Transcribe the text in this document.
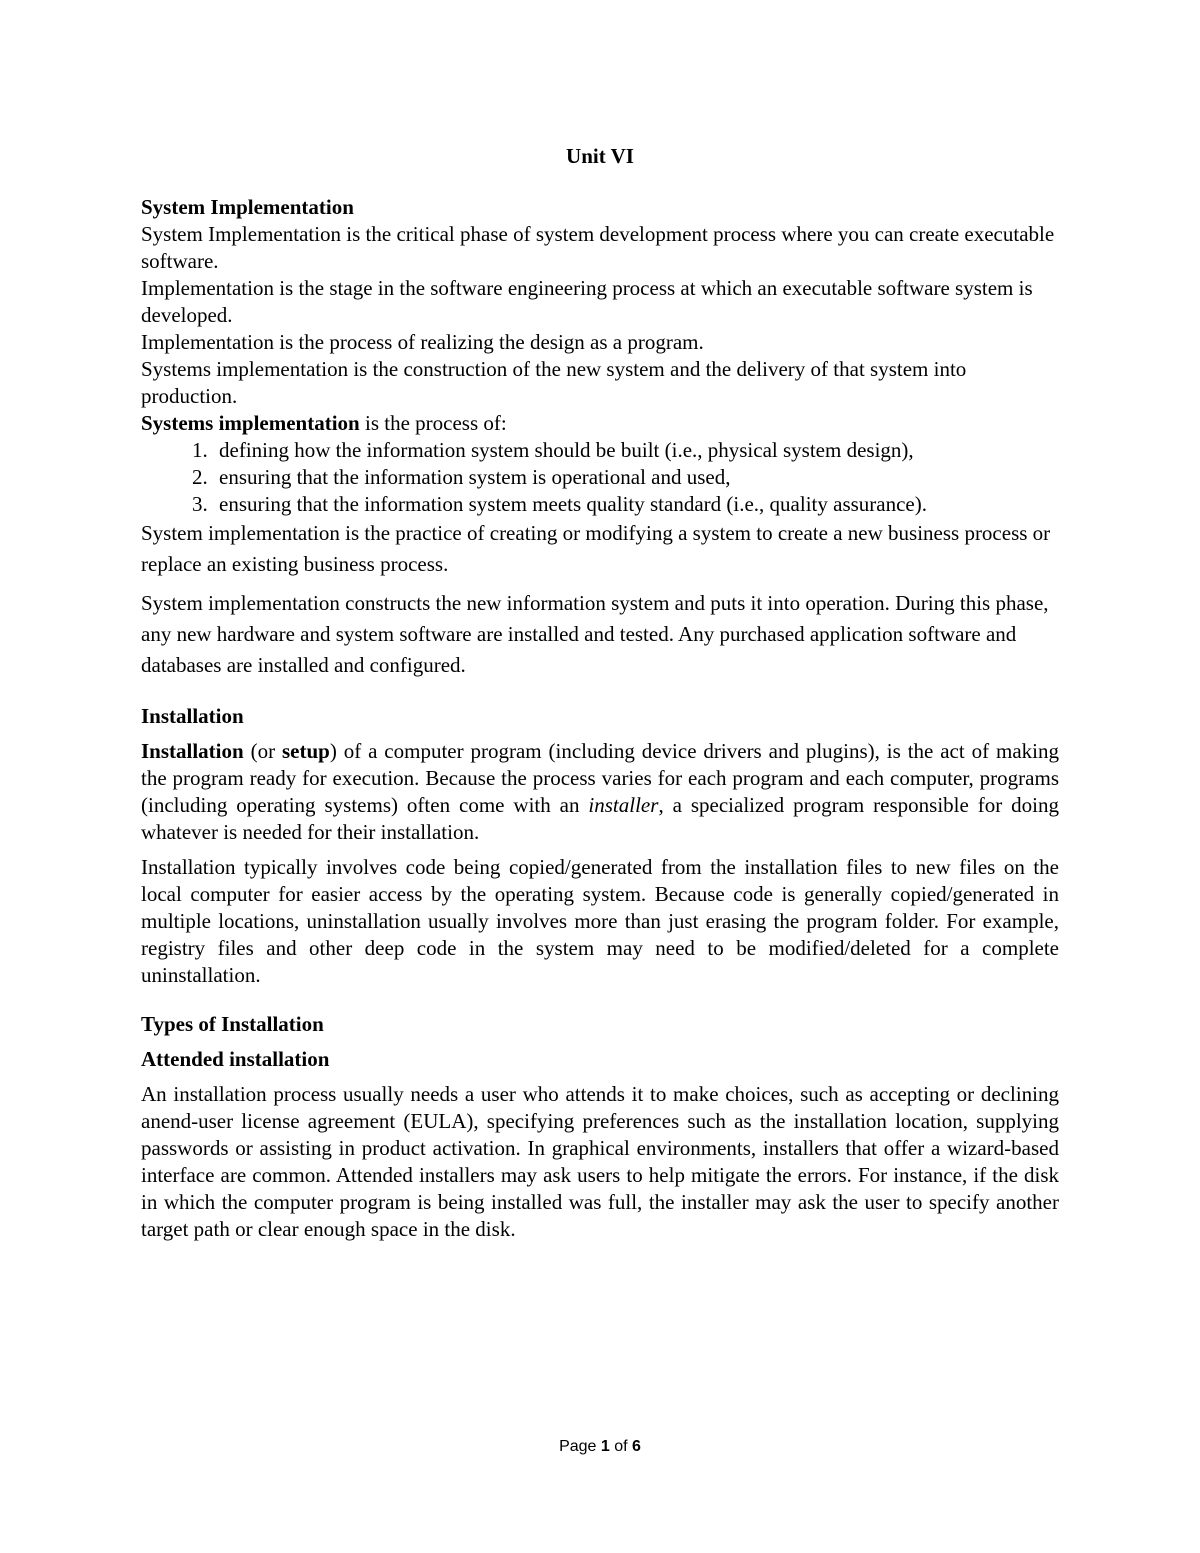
Unit VI

System Implementation

System Implementation is the critical phase of system development process where you can create executable software.

Implementation is the stage in the software engineering process at which an executable software system is developed.

Implementation is the process of realizing the design as a program.

Systems implementation is the construction of the new system and the delivery of that system into production.

Systems implementation is the process of:

1. defining how the information system should be built (i.e., physical system design),
2. ensuring that the information system is operational and used,
3. ensuring that the information system meets quality standard (i.e., quality assurance).

System implementation is the practice of creating or modifying a system to create a new business process or replace an existing business process.

System implementation constructs the new information system and puts it into operation. During this phase, any new hardware and system software are installed and tested. Any purchased application software and databases are installed and configured.

Installation

Installation (or setup) of a computer program (including device drivers and plugins), is the act of making the program ready for execution. Because the process varies for each program and each computer, programs (including operating systems) often come with an installer, a specialized program responsible for doing whatever is needed for their installation.

Installation typically involves code being copied/generated from the installation files to new files on the local computer for easier access by the operating system. Because code is generally copied/generated in multiple locations, uninstallation usually involves more than just erasing the program folder. For example, registry files and other deep code in the system may need to be modified/deleted for a complete uninstallation.

Types of Installation

Attended installation

An installation process usually needs a user who attends it to make choices, such as accepting or declining anend-user license agreement (EULA), specifying preferences such as the installation location, supplying passwords or assisting in product activation. In graphical environments, installers that offer a wizard-based interface are common. Attended installers may ask users to help mitigate the errors. For instance, if the disk in which the computer program is being installed was full, the installer may ask the user to specify another target path or clear enough space in the disk.

Page 1 of 6
